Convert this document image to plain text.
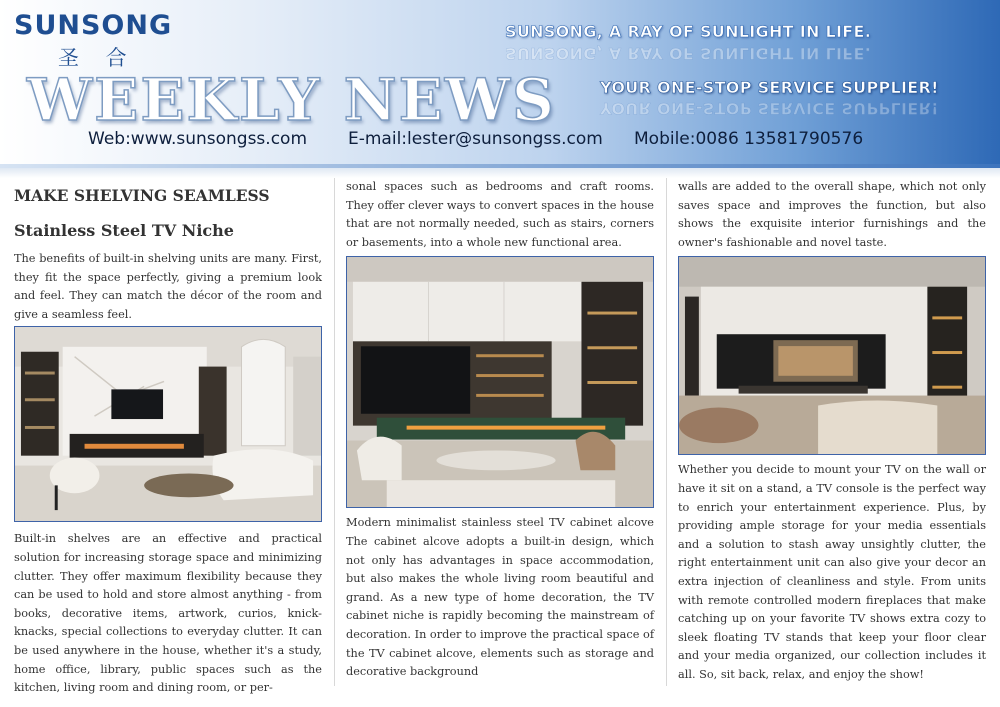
SUNSONG
圣 合
WEEKLY NEWS
SUNSONG, A RAY OF SUNLIGHT IN LIFE.
SUNSONG, A RAY OF SUNLIGHT IN LIFE.
YOUR ONE-STOP SERVICE SUPPLIER!
YOUR ONE-STOP SERVICE SUPPLIER!
Web:www.sunsongss.com E-mail:lester@sunsongss.com Mobile:0086 13581790576
MAKE SHELVING SEAMLESS
Stainless Steel TV Niche

The benefits of built-in shelving units are many. First, they fit the space perfectly, giving a premium look and feel. They can match the décor of the room and give a seamless feel.

Built-in shelves are an effective and practical solution for increasing storage space and minimizing clutter. They offer maximum flexibility because they can be used to hold and store almost anything - from books, decorative items, artwork, curios, knick-knacks, special collections to everyday clutter. It can be used anywhere in the house, whether it's a study, home office, library, public spaces such as the kitchen, living room and dining room, or per-

sonal spaces such as bedrooms and craft rooms. They offer clever ways to convert spaces in the house that are not normally needed, such as stairs, corners or basements, into a whole new functional area.

Modern minimalist stainless steel TV cabinet alcove The cabinet alcove adopts a built-in design, which not only has advantages in space accommodation, but also makes the whole living room beautiful and grand. As a new type of home decoration, the TV cabinet niche is rapidly becoming the mainstream of decoration. In order to improve the practical space of the TV cabinet alcove, elements such as storage and decorative background

walls are added to the overall shape, which not only saves space and improves the function, but also shows the exquisite interior furnishings and the owner's fashionable and novel taste.

Whether you decide to mount your TV on the wall or have it sit on a stand, a TV console is the perfect way to enrich your entertainment experience. Plus, by providing ample storage for your media essentials and a solution to stash away unsightly clutter, the right entertainment unit can also give your decor an extra injection of cleanliness and style. From units with remote controlled modern fireplaces that make catching up on your favorite TV shows extra cozy to sleek floating TV stands that keep your floor clear and your media organized, our collection includes it all. So, sit back, relax, and enjoy the show!
